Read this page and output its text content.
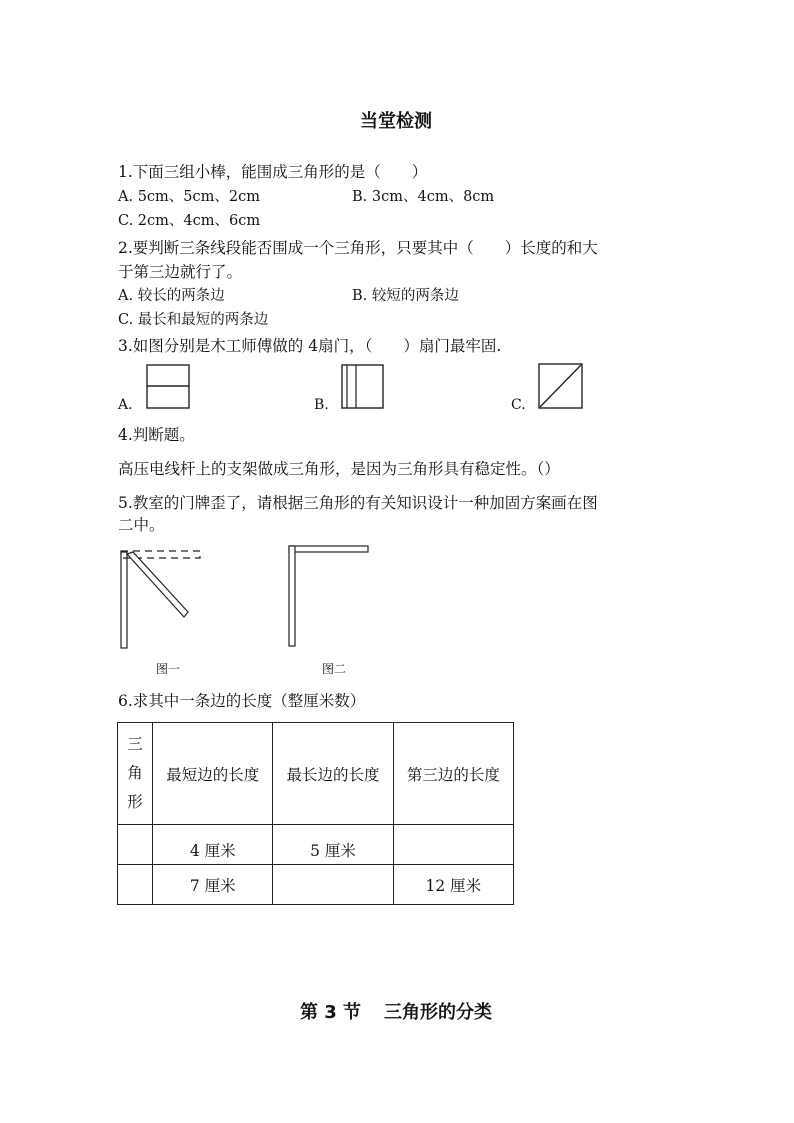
当堂检测
1.下面三组小棒，能围成三角形的是（　　）
A. 5cm、5cm、2cm	B. 3cm、4cm、8cm
C. 2cm、4cm、6cm
2.要判断三条线段能否围成一个三角形，只要其中（　　）长度的和大
于第三边就行了。
A. 较长的两条边	B. 较短的两条边
C. 最长和最短的两条边
3.如图分别是木工师傅做的 4扇门，（　　）扇门最牢固.
A.	B.	C.
4.判断题。
高压电线杆上的支架做成三角形，是因为三角形具有稳定性。（）
5.教室的门牌歪了，请根据三角形的有关知识设计一种加固方案画在图
二中。
图一	图二
6.求其中一条边的长度（整厘米数）
三
角
形	最短边的长度	最长边的长度	第三边的长度
	4 厘米	5 厘米	
	7 厘米		12 厘米
第 3 节 三角形的分类
